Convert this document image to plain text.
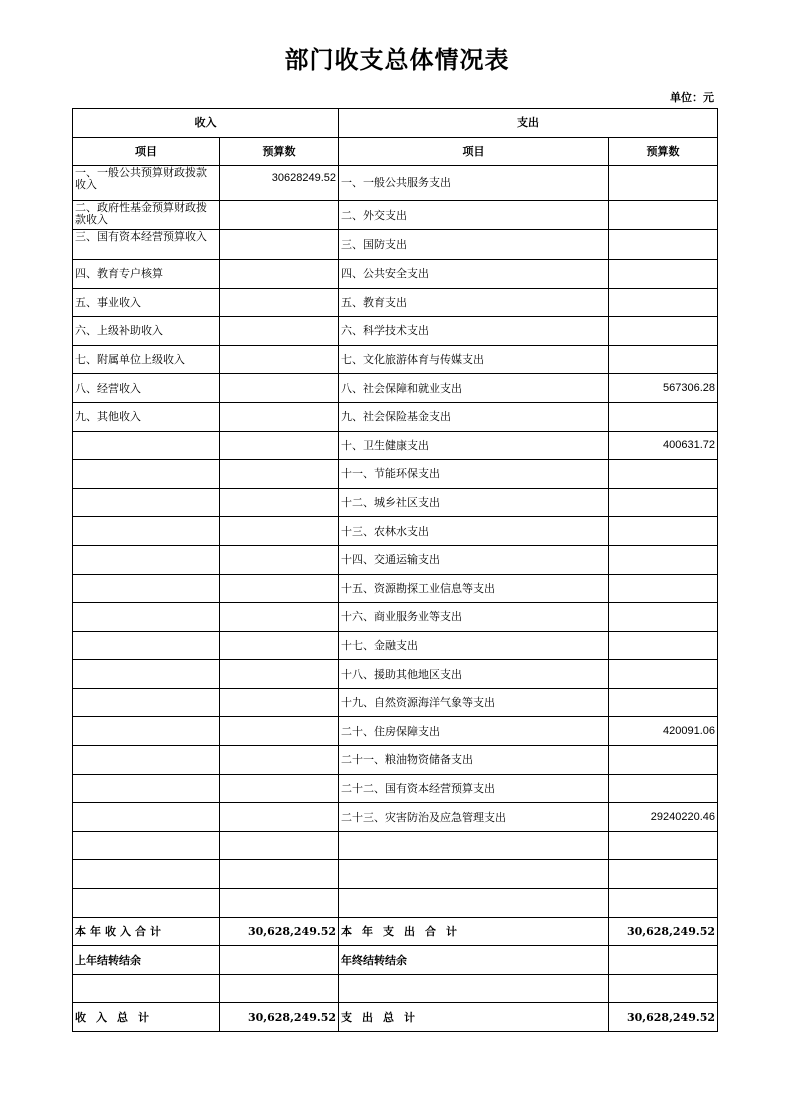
部门收支总体情况表
单位：元
收入		支出	
项目	预算数	项目	预算数
一、一般公共预算财政拨款收入	30628249.52	一、一般公共服务支出	
二、政府性基金预算财政拨款收入		二、外交支出	
三、国有资本经营预算收入		三、国防支出	
四、教育专户核算		四、公共安全支出	
五、事业收入		五、教育支出	
六、上级补助收入		六、科学技术支出	
七、附属单位上级收入		七、文化旅游体育与传媒支出	
八、经营收入		八、社会保障和就业支出	567306.28
九、其他收入		九、社会保险基金支出	
		十、卫生健康支出	400631.72
		十一、节能环保支出	
		十二、城乡社区支出	
		十三、农林水支出	
		十四、交通运输支出	
		十五、资源勘探工业信息等支出	
		十六、商业服务业等支出	
		十七、金融支出	
		十八、援助其他地区支出	
		十九、自然资源海洋气象等支出	
		二十、住房保障支出	420091.06
		二十一、粮油物资储备支出	
		二十二、国有资本经营预算支出	
		二十三、灾害防治及应急管理支出	29240220.46

本年收入合计	30,628,249.52	本年支出合计	30,628,249.52
上年结转结余		年终结转结余	

收入总计	30,628,249.52	支出总计	30,628,249.52
